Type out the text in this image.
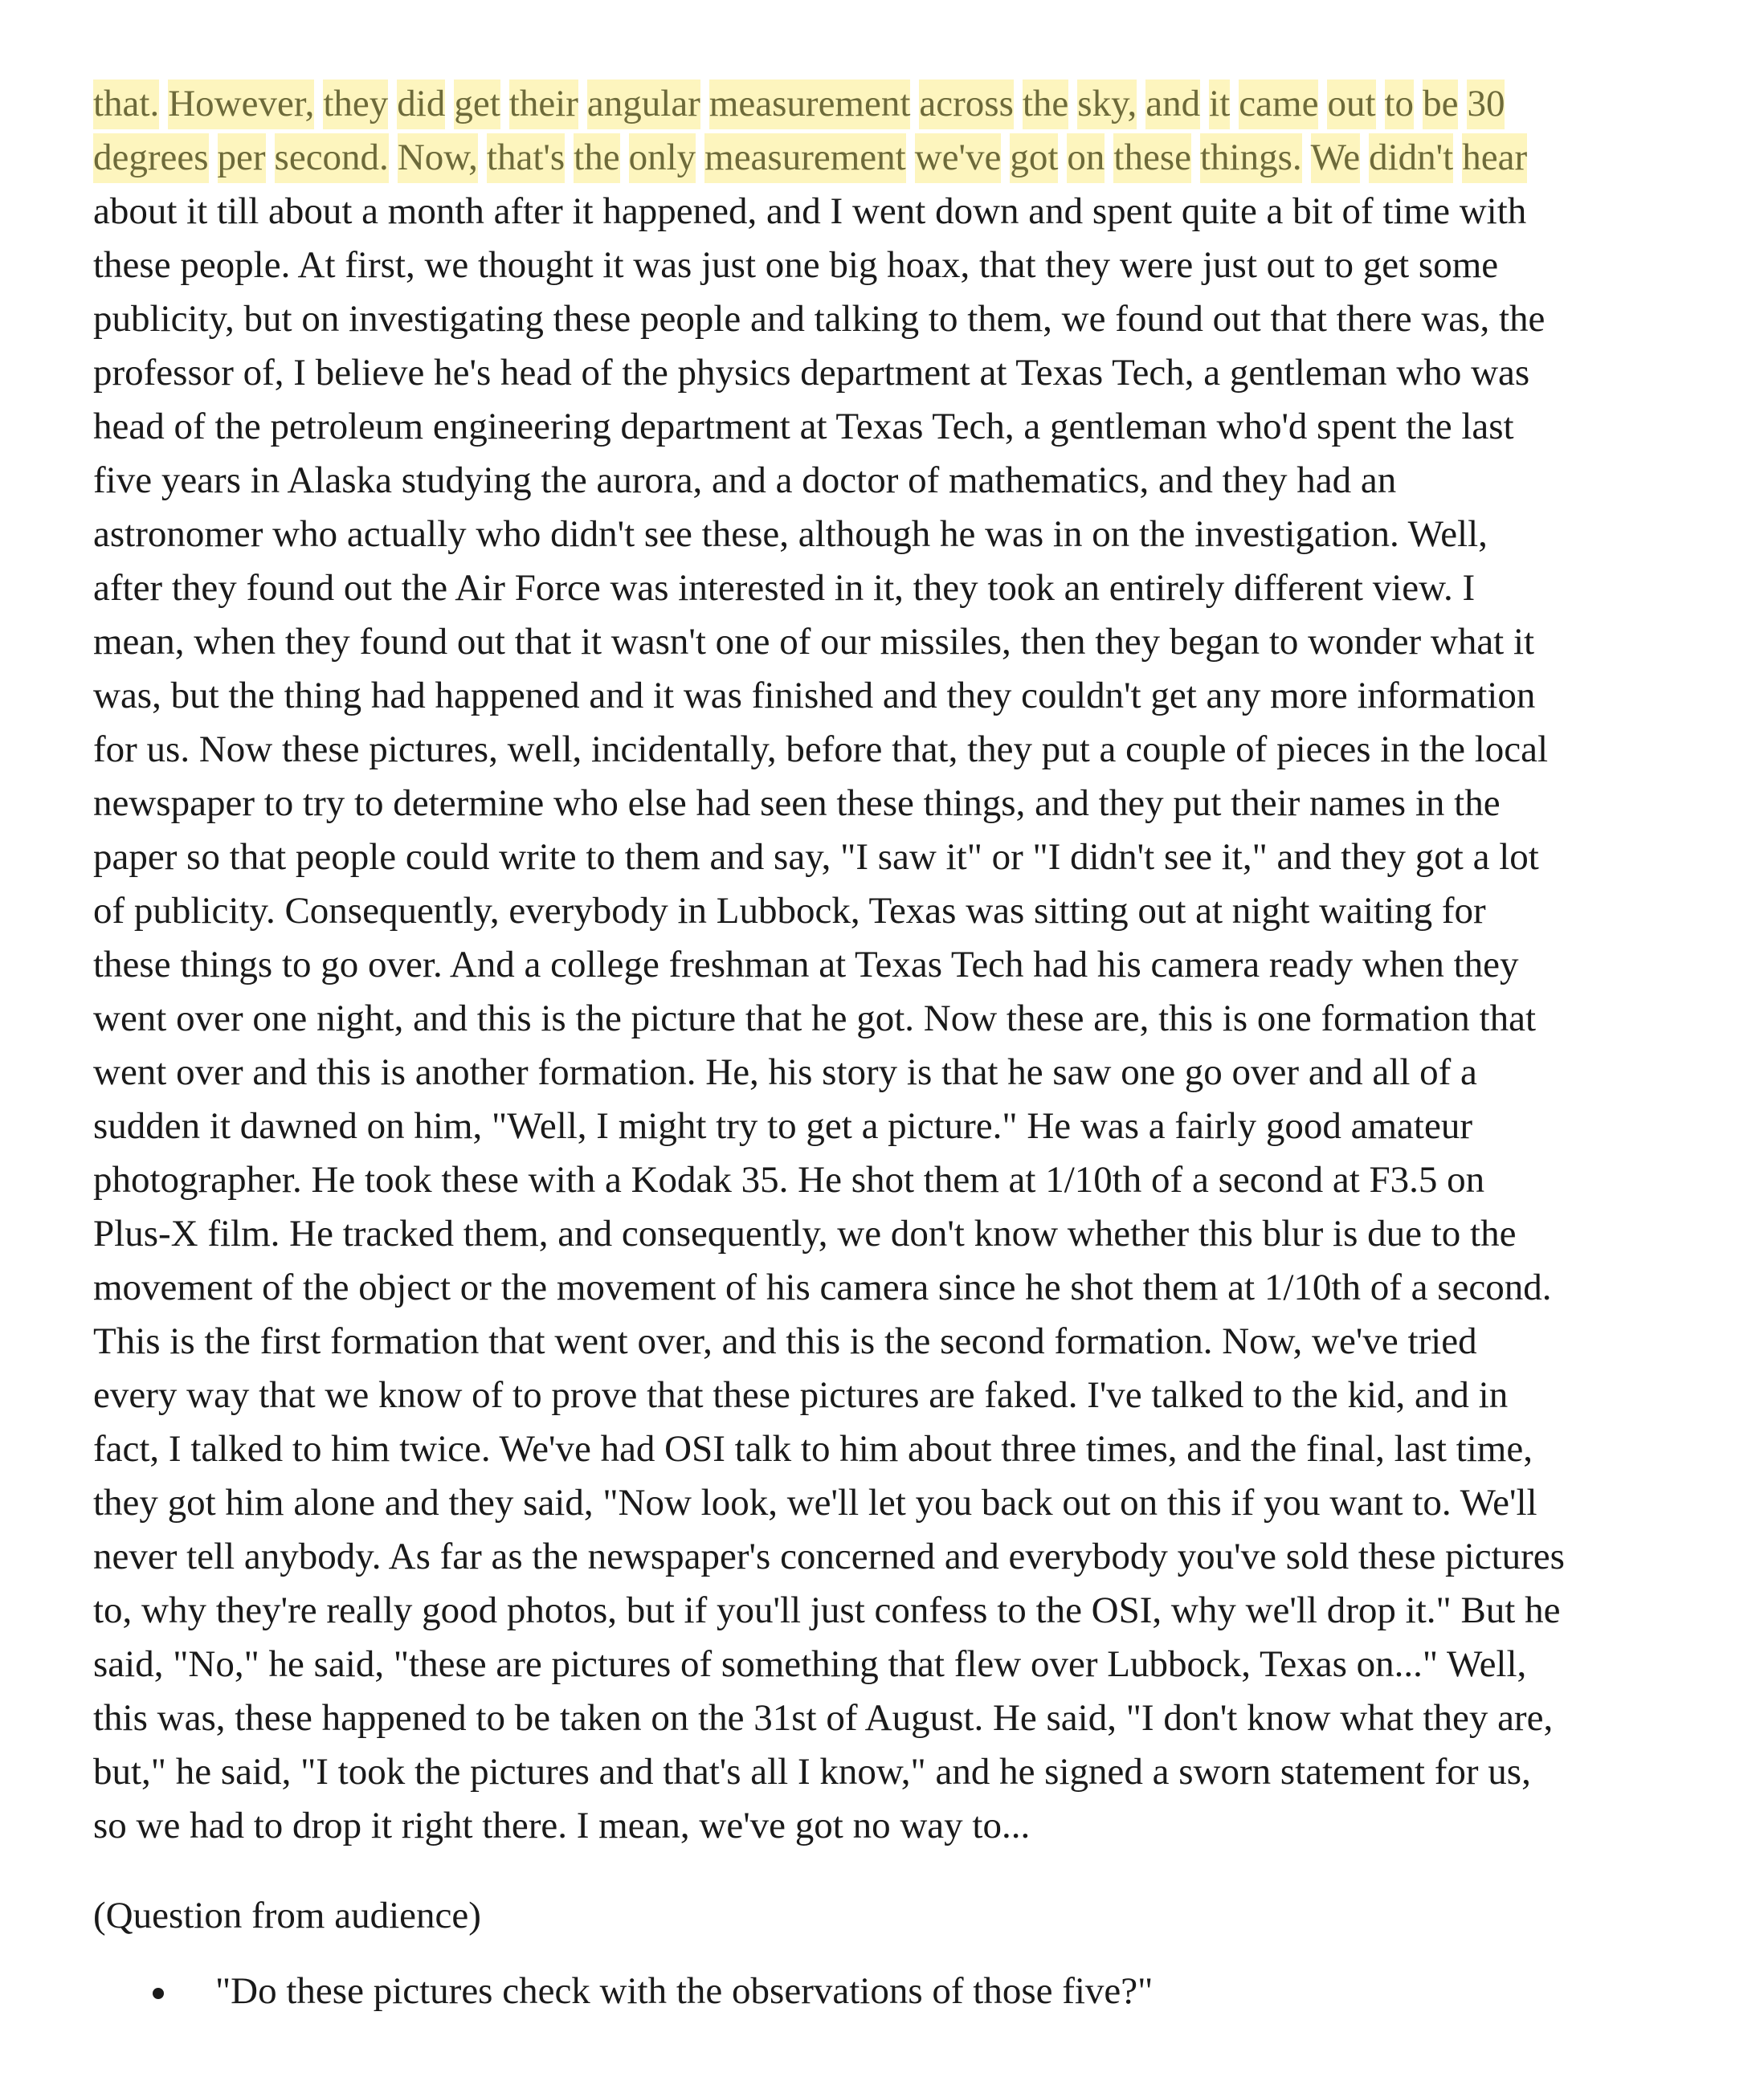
that. However, they did get their angular measurement across the sky, and it came out to be 30
degrees per second. Now, that's the only measurement we've got on these things. We didn't hear
about it till about a month after it happened, and I went down and spent quite a bit of time with
these people. At first, we thought it was just one big hoax, that they were just out to get some
publicity, but on investigating these people and talking to them, we found out that there was, the
professor of, I believe he's head of the physics department at Texas Tech, a gentleman who was
head of the petroleum engineering department at Texas Tech, a gentleman who'd spent the last
five years in Alaska studying the aurora, and a doctor of mathematics, and they had an
astronomer who actually who didn't see these, although he was in on the investigation. Well,
after they found out the Air Force was interested in it, they took an entirely different view. I
mean, when they found out that it wasn't one of our missiles, then they began to wonder what it
was, but the thing had happened and it was finished and they couldn't get any more information
for us. Now these pictures, well, incidentally, before that, they put a couple of pieces in the local
newspaper to try to determine who else had seen these things, and they put their names in the
paper so that people could write to them and say, "I saw it" or "I didn't see it," and they got a lot
of publicity. Consequently, everybody in Lubbock, Texas was sitting out at night waiting for
these things to go over. And a college freshman at Texas Tech had his camera ready when they
went over one night, and this is the picture that he got. Now these are, this is one formation that
went over and this is another formation. He, his story is that he saw one go over and all of a
sudden it dawned on him, "Well, I might try to get a picture." He was a fairly good amateur
photographer. He took these with a Kodak 35. He shot them at 1/10th of a second at F3.5 on
Plus-X film. He tracked them, and consequently, we don't know whether this blur is due to the
movement of the object or the movement of his camera since he shot them at 1/10th of a second.
This is the first formation that went over, and this is the second formation. Now, we've tried
every way that we know of to prove that these pictures are faked. I've talked to the kid, and in
fact, I talked to him twice. We've had OSI talk to him about three times, and the final, last time,
they got him alone and they said, "Now look, we'll let you back out on this if you want to. We'll
never tell anybody. As far as the newspaper's concerned and everybody you've sold these pictures
to, why they're really good photos, but if you'll just confess to the OSI, why we'll drop it." But he
said, "No," he said, "these are pictures of something that flew over Lubbock, Texas on..." Well,
this was, these happened to be taken on the 31st of August. He said, "I don't know what they are,
but," he said, "I took the pictures and that's all I know," and he signed a sworn statement for us,
so we had to drop it right there. I mean, we've got no way to...
(Question from audience)
"Do these pictures check with the observations of those five?"
